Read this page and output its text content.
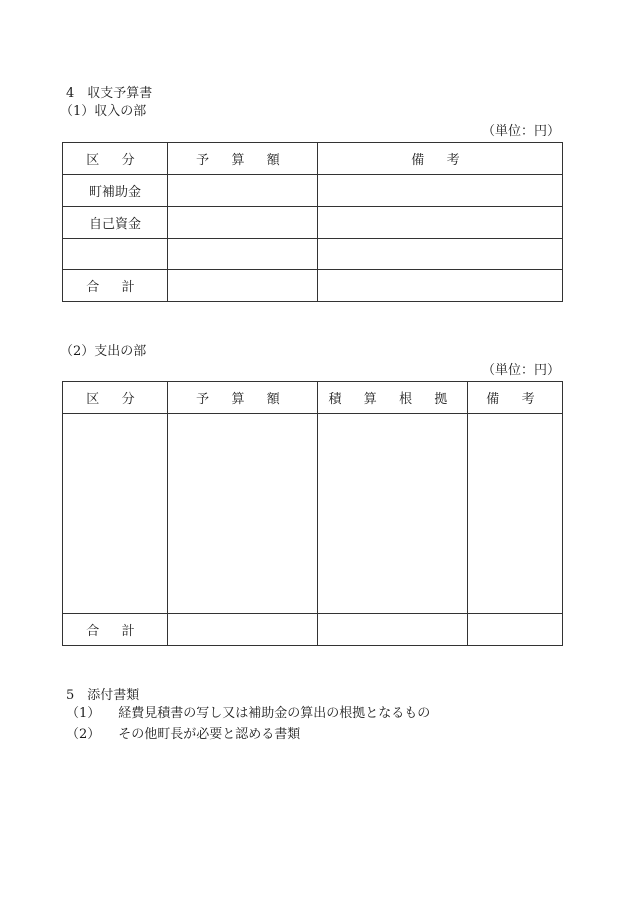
4　収支予算書
（1）収入の部
（単位：円）
区 分	予 算 額	備 考
町補助金		
自己資金		

合 計		
（2）支出の部
（単位：円）
区 分	予 算 額	積 算 根 拠	備 考

合 計			
5　添付書類
（1） 経費見積書の写し又は補助金の算出の根拠となるもの
（2） その他町長が必要と認める書類
